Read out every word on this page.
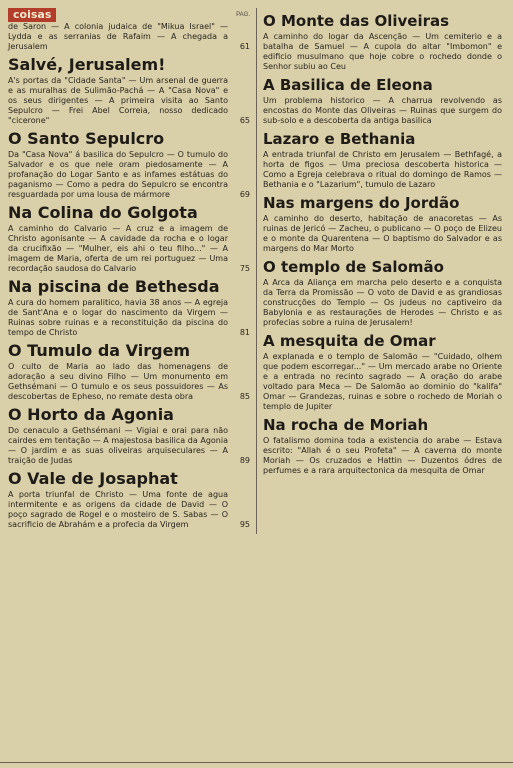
coisas	PAG.
de Saron — A colonia judaica de "Mikua Israel" — Lydda e as serranias de Rafaim — A chegada a Jerusalem	61
Salvé, Jerusalem!
A's portas da "Cidade Santa" — Um arsenal de guerra e as muralhas de Sulimão-Pachá — A "Casa Nova" e os seus dirigentes — A primeira visita ao Santo Sepulcro — Frei Abel Correia, nosso dedicado "cicerone"	65
O Santo Sepulcro
Da "Casa Nova" á basilica do Sepulcro — O tumulo do Salvador e os que nele oram piedosamente — A profanação do Logar Santo e as infames estátuas do paganismo — Como a pedra do Sepulcro se encontra resguardada por uma lousa de mármore	69
Na Colina do Golgota
A caminho do Calvario — A cruz e a imagem de Christo agonisante — A cavidade da rocha e o logar da crucifixão — "Mulher, eis ahi o teu filho..." — A imagem de Maria, oferta de um rei portuguez — Uma recordação saudosa do Calvario	75
Na piscina de Bethesda
A cura do homem paralitico, havia 38 anos — A egreja de Sant'Ana e o logar do nascimento da Virgem — Ruinas sobre ruinas e a reconstituição da piscina do tempo de Christo	81
O Tumulo da Virgem
O culto de Maria ao lado das homenagens de adoração a seu divino Filho — Um monumento em Gethsémani — O tumulo e os seus possuidores — As descobertas de Epheso, no remate desta obra	85
O Horto da Agonia
Do cenaculo a Gethsémani — Vigiai e orai para não cairdes em tentação — A majestosa basilica da Agonia — O jardim e as suas oliveiras arquiseculares — A traição de Judas	89
O Vale de Josaphat
A porta triunfal de Christo — Uma fonte de agua intermitente e as origens da cidade de David — O poço sagrado de Rogel e o mosteiro de S. Sabas — O sacrificio de Abrahám e a profecia da Virgem	95
O Monte das Oliveiras
A caminho do logar da Ascenção — Um cemiterio e a batalha de Samuel — A cupola do altar "Imbomon" e edificio musulmano que hoje cobre o rochedo donde o Senhor subiu ao Ceu
A Basilica de Eleona
Um problema historico — A charrua revolvendo as encostas do Monte das Oliveiras — Ruinas que surgem do sub-solo e a descoberta da antiga basilica
Lazaro e Bethania
A entrada triunfal de Christo em Jerusalem — Bethfagé, a horta de figos — Uma preciosa descoberta historica — Como a Egreja celebrava o ritual do domingo de Ramos — Bethania e o "Lazarium", tumulo de Lazaro
Nas margens do Jordão
A caminho do deserto, habitação de anacoretas — As ruinas de Jericó — Zacheu, o publicano — O poço de Elizeu e o monte da Quarentena — O baptismo do Salvador e as margens do Mar Morto
O templo de Salomão
A Arca da Aliança em marcha pelo deserto e a conquista da Terra da Promissão — O voto de David e as grandiosas construcções do Templo — Os judeus no captiveiro da Babylonia e as restaurações de Herodes — Christo e as profecias sobre a ruina de Jerusalem!
A mesquita de Omar
A explanada e o templo de Salomão — "Cuidado, olhem que podem escorregar..." — Um mercado arabe no Oriente e a entrada no recinto sagrado — A oração do arabe voltado para Meca — De Salomão ao dominio do "kalifa" Omar — Grandezas, ruinas e sobre o rochedo de Moriah o templo de Jupiter
Na rocha de Moriah
O fatalismo domina toda a existencia do arabe — Estava escrito: "Allah é o seu Profeta" — A caverna do monte Moriah — Os cruzados e Hattin — Duzentos ódres de perfumes e a rara arquitectonica da mesquita de Omar
